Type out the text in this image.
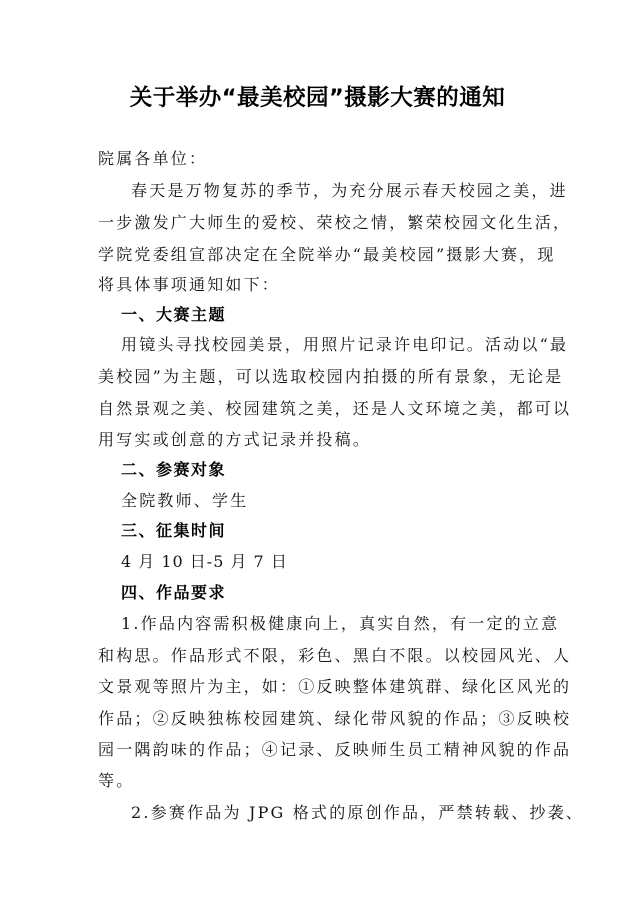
关于举办“最美校园”摄影大赛的通知
院属各单位：
春天是万物复苏的季节，为充分展示春天校园之美，进
一步激发广大师生的爱校、荣校之情，繁荣校园文化生活，
学院党委组宣部决定在全院举办“最美校园”摄影大赛，现
将具体事项通知如下：
一、大赛主题
用镜头寻找校园美景，用照片记录许电印记。活动以“最
美校园”为主题，可以选取校园内拍摄的所有景象，无论是
自然景观之美、校园建筑之美，还是人文环境之美，都可以
用写实或创意的方式记录并投稿。
二、参赛对象
全院教师、学生
三、征集时间
4 月 10 日-5 月 7 日
四、作品要求
1.作品内容需积极健康向上，真实自然，有一定的立意
和构思。作品形式不限，彩色、黑白不限。以校园风光、人
文景观等照片为主，如：①反映整体建筑群、绿化区风光的
作品；②反映独栋校园建筑、绿化带风貌的作品；③反映校
园一隅韵味的作品；④记录、反映师生员工精神风貌的作品
等。
2.参赛作品为 JPG 格式的原创作品，严禁转载、抄袭、
